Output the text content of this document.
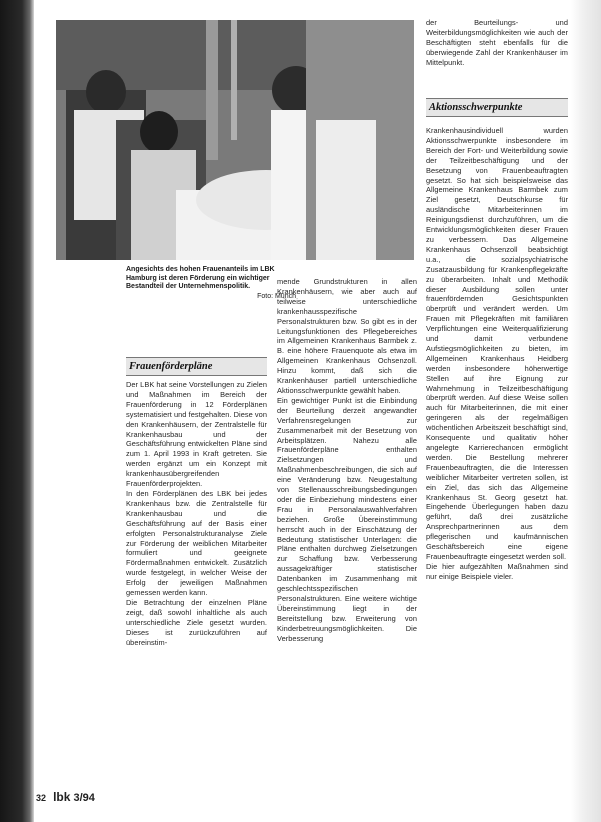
Angesichts des hohen Frauenanteils im LBK Hamburg ist deren Förderung ein wichtiger Bestandteil der Unternehmenspolitik.
Foto: Münch
Frauenförderpläne
Der LBK hat seine Vorstellungen zu Zielen und Maßnahmen im Bereich der Frauenförderung in 12 Förderplänen systematisiert und festgehalten. Diese von den Krankenhäusern, der Zentralstelle für Krankenhausbau und der Geschäftsführung entwickelten Pläne sind zum 1. April 1993 in Kraft getreten. Sie werden ergänzt um ein Konzept mit krankenhausübergreifenden Frauenförderprojekten.
In den Förderplänen des LBK bei jedes Krankenhaus bzw. die Zentralstelle für Krankenhausbau und die Geschäftsführung auf der Basis einer erfolgten Personalstrukturanalyse Ziele zur Förderung der weiblichen Mitarbeiter formuliert und geeignete Fördermaßnahmen entwickelt. Zusätzlich wurde festgelegt, in welcher Weise der Erfolg der jeweiligen Maßnahmen gemessen werden kann.
Die Betrachtung der einzelnen Pläne zeigt, daß sowohl inhaltliche als auch unterschiedliche Ziele gesetzt wurden. Dieses ist zurückzuführen auf übereinstim-
mende Grundstrukturen in allen Krankenhäusern, wie aber auch auf teilweise unterschiedliche krankenhausspezifische Personalstrukturen bzw. So gibt es in der Leitungsfunktionen des Pflegebereiches im Allgemeinen Krankenhaus Barmbek z. B. eine höhere Frauenquote als etwa im Allgemeinen Krankenhaus Ochsenzoll. Hinzu kommt, daß sich die Krankenhäuser partiell unterschiedliche Aktionsschwerpunkte gewählt haben.
Ein gewichtiger Punkt ist die Einbindung der Beurteilung derzeit angewandter Verfahrensregelungen zur Zusammenarbeit mit der Besetzung von Arbeitsplätzen. Nahezu alle Frauenförderpläne enthalten Zielsetzungen und Maßnahmenbeschreibungen, die sich auf eine Veränderung bzw. Neugestaltung von Stellenausschreibungsbedingungen oder die Einbeziehung mindestens einer Frau in Personalauswahlverfahren beziehen. Große Übereinstimmung herrscht auch in der Einschätzung der Bedeutung statistischer Unterlagen: die Pläne enthalten durchweg Zielsetzungen zur Schaffung bzw. Verbesserung aussagekräftiger statistischer Datenbanken im Zusammenhang mit geschlechtsspezifischen Personalstrukturen. Eine weitere wichtige Übereinstimmung liegt in der Bereitstellung bzw. Erweiterung von Kinderbetreuungsmöglichkeiten. Die Verbesserung
der Beurteilungs- und Weiterbildungsmöglichkeiten wie auch der Beschäftigten steht ebenfalls für die überwiegende Zahl der Krankenhäuser im Mittelpunkt.
Aktionsschwerpunkte
Krankenhausindividuell wurden Aktionsschwerpunkte insbesondere im Bereich der Fort- und Weiterbildung sowie der Teilzeitbeschäftigung und der Besetzung von Frauenbeauftragten gesetzt. So hat sich beispielsweise das Allgemeine Krankenhaus Barmbek zum Ziel gesetzt, Deutschkurse für ausländische Mitarbeiterinnen im Reinigungsdienst durchzuführen, um die Entwicklungsmöglichkeiten dieser Frauen zu verbessern. Das Allgemeine Krankenhaus Ochsenzoll beabsichtigt u.a., die sozialpsychiatrische Zusatzausbildung für Krankenpflegekräfte zu überarbeiten. Inhalt und Methodik dieser Ausbildung sollen unter frauenfördernden Gesichtspunkten überprüft und verändert werden. Um Frauen mit Pflegekräften mit familiären Verpflichtungen eine Weiterqualifizierung und damit verbundene Aufstiegsmöglichkeiten zu bieten, im Allgemeinen Krankenhaus Heidberg werden insbesondere höherwertige Stellen auf ihre Eignung zur Wahrnehmung in Teilzeitbeschäftigung überprüft werden. Auf diese Weise sollen auch für Mitarbeiterinnen, die mit einer geringeren als der regelmäßigen wöchentlichen Arbeitszeit beschäftigt sind, Konsequente und qualitativ höher angelegte Karrierechancen ermöglicht werden. Die Bestellung mehrerer Frauenbeauftragten, die die Interessen weiblicher Mitarbeiter vertreten sollen, ist ein Ziel, das sich das Allgemeine Krankenhaus St. Georg gesetzt hat. Eingehende Überlegungen haben dazu geführt, daß drei zusätzliche Ansprechpartnerinnen aus dem pflegerischen und kaufmännischen Geschäftsbereich eine eigene Frauenbeauftragte eingesetzt werden soll.
Die hier aufgezählten Maßnahmen sind nur einige Beispiele vieler.
32 lbk 3/94
